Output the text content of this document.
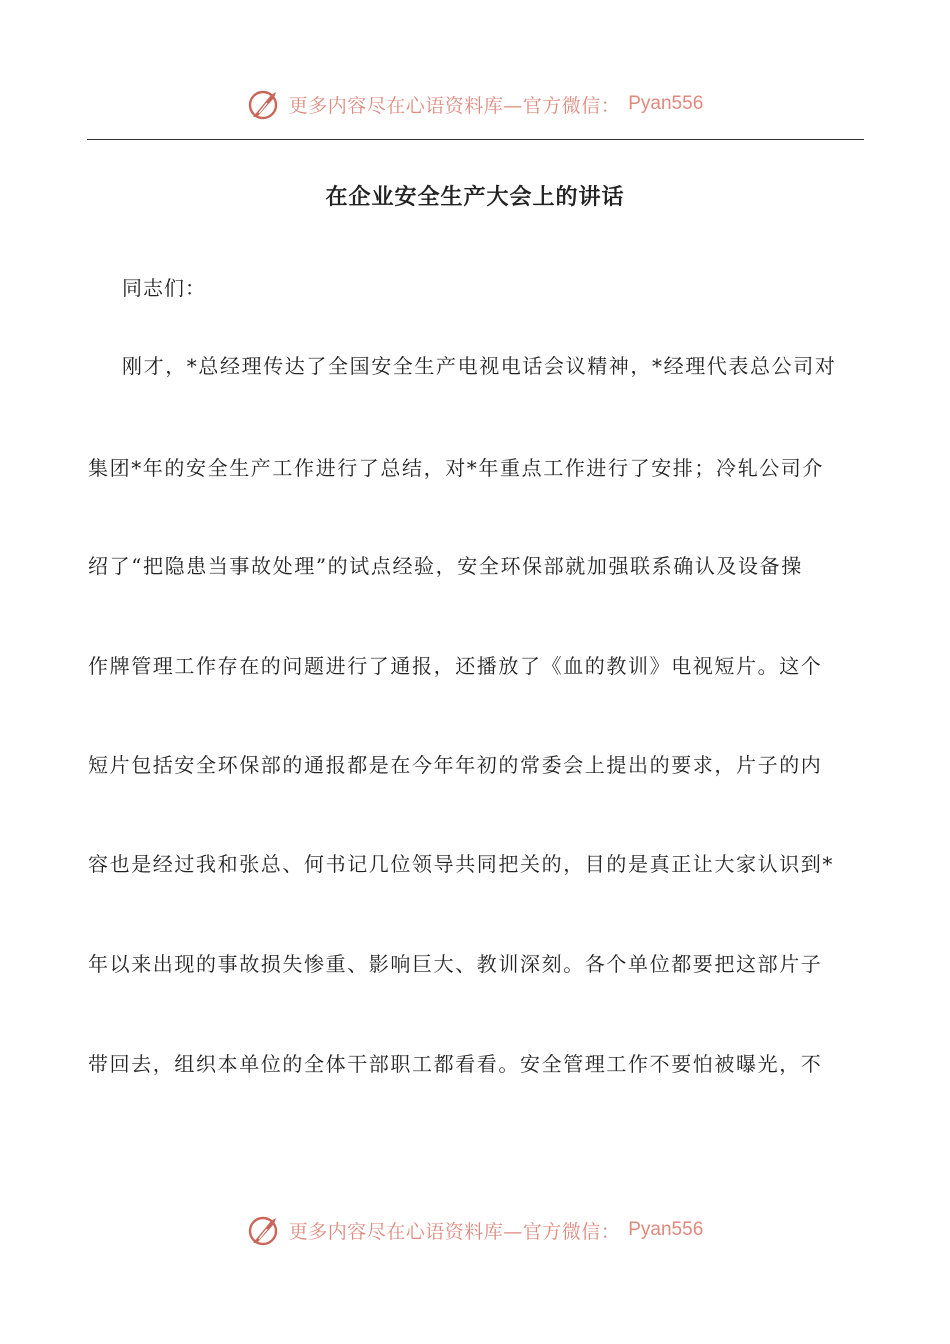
更多内容尽在心语资料库—官方微信： Pyan556
在企业安全生产大会上的讲话
同志们：
刚才，*总经理传达了全国安全生产电视电话会议精神，*经理代表总公司对
集团*年的安全生产工作进行了总结，对*年重点工作进行了安排；冷轧公司介
绍了“把隐患当事故处理”的试点经验，安全环保部就加强联系确认及设备操
作牌管理工作存在的问题进行了通报，还播放了《血的教训》电视短片。这个
短片包括安全环保部的通报都是在今年年初的常委会上提出的要求，片子的内
容也是经过我和张总、何书记几位领导共同把关的，目的是真正让大家认识到*
年以来出现的事故损失惨重、影响巨大、教训深刻。各个单位都要把这部片子
带回去，组织本单位的全体干部职工都看看。安全管理工作不要怕被曝光，不
更多内容尽在心语资料库—官方微信： Pyan556
